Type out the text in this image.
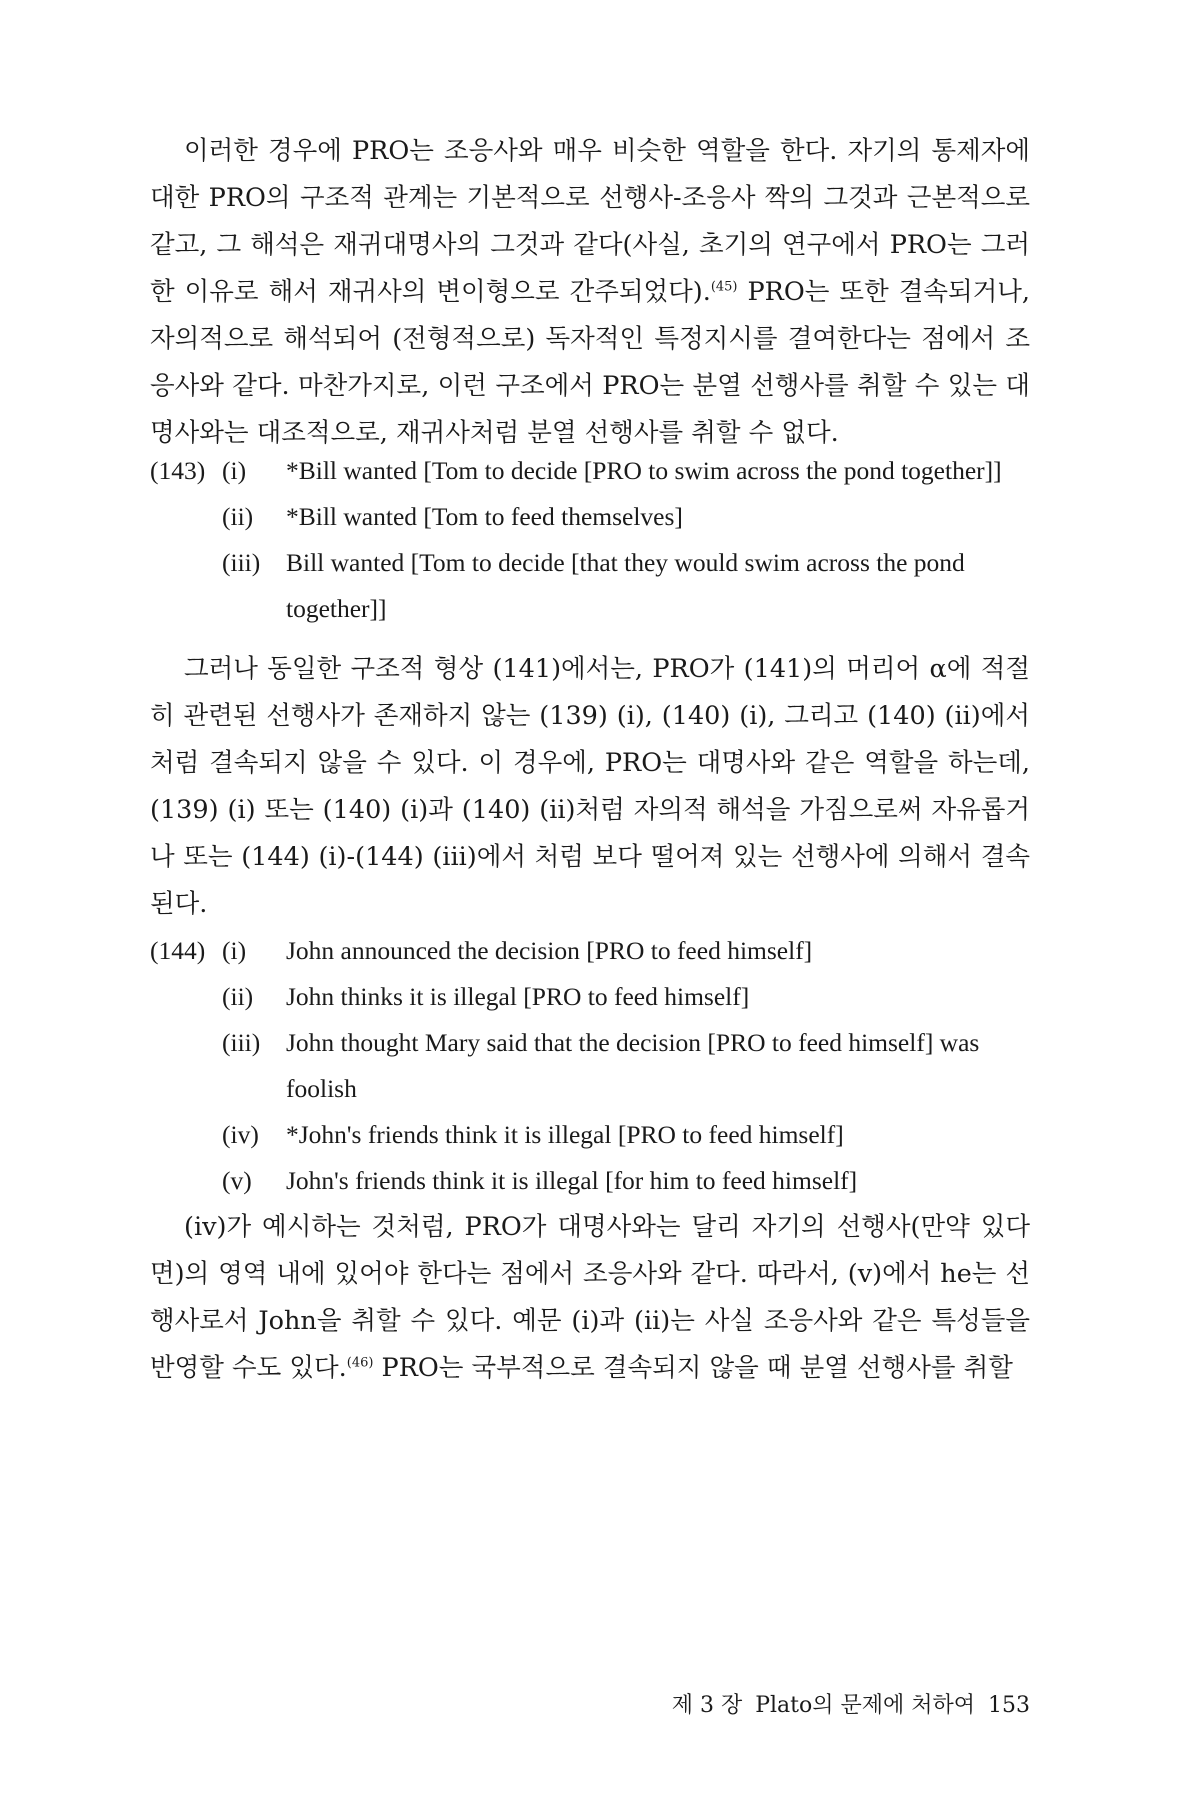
이러한 경우에 PRO는 조응사와 매우 비슷한 역할을 한다. 자기의 통제자에 대한 PRO의 구조적 관계는 기본적으로 선행사-조응사 짝의 그것과 근본적으로 같고, 그 해석은 재귀대명사의 그것과 같다(사실, 초기의 연구에서 PRO는 그러한 이유로 해서 재귀사의 변이형으로 간주되었다).$^{(45)}$ PRO는 또한 결속되거나, 자의적으로 해석되어 (전형적으로) 독자적인 특정지시를 결여한다는 점에서 조응사와 같다. 마찬가지로, 이런 구조에서 PRO는 분열 선행사를 취할 수 있는 대명사와는 대조적으로, 재귀사처럼 분열 선행사를 취할 수 없다.

(143) (i)	*Bill wanted [Tom to decide [PRO to swim across the pond together]]
(ii)	*Bill wanted [Tom to feed themselves]
(iii)	Bill wanted [Tom to decide [that they would swim across the pond together]]

그러나 동일한 구조적 형상 (141)에서는, PRO가 (141)의 머리어 α에 적절히 관련된 선행사가 존재하지 않는 (139) (i), (140) (i), 그리고 (140) (ii)에서처럼 결속되지 않을 수 있다. 이 경우에, PRO는 대명사와 같은 역할을 하는데, (139) (i) 또는 (140) (i)과 (140) (ii)처럼 자의적 해석을 가짐으로써 자유롭거나 또는 (144) (i)-(144) (iii)에서 처럼 보다 떨어져 있는 선행사에 의해서 결속된다.

(144) (i)	John announced the decision [PRO to feed himself]
(ii)	John thinks it is illegal [PRO to feed himself]
(iii)	John thought Mary said that the decision [PRO to feed himself] was foolish
(iv)	*John's friends think it is illegal [PRO to feed himself]
(v)	John's friends think it is illegal [for him to feed himself]

(iv)가 예시하는 것처럼, PRO가 대명사와는 달리 자기의 선행사(만약 있다면)의 영역 내에 있어야 한다는 점에서 조응사와 같다. 따라서, (v)에서 he는 선행사로서 John을 취할 수 있다. 예문 (i)과 (ii)는 사실 조응사와 같은 특성들을 반영할 수도 있다.$^{(46)}$ PRO는 국부적으로 결속되지 않을 때 분열 선행사를 취할

제 3 장 Plato의 문제에 처하여 153
